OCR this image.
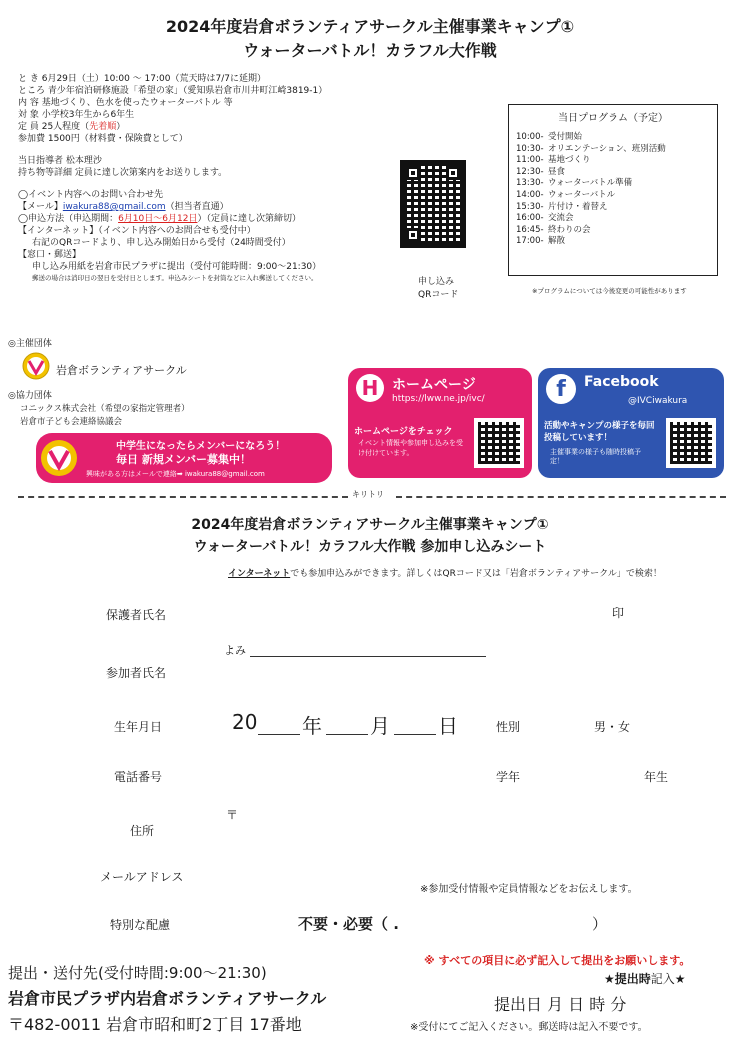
2024年度岩倉ボランティアサークル主催事業キャンプ①
ウォーターバトル！カラフル大作戦
と き 6月29日（土）10:00 ～ 17:00（荒天時は7/7に延期）
ところ 青少年宿泊研修施設「希望の家」（愛知県岩倉市川井町江崎3819-1）
内 容 基地づくり、色水を使ったウォーターバトル 等
対 象 小学校3年生から6年生
定 員 25人程度（先着順）
参加費 1500円（材料費・保険費として）
当日指導者 松本理沙
持ち物等詳細 定員に達し次第案内をお送りします。
◯イベント内容へのお問い合わせ先
【メール】iwakura88@gmail.com（担当者直通）
◯申込方法（申込期間：6月10日～6月12日）（定員に達し次第締切）
【インターネット】（イベント内容へのお問合せも受付中）
右記のQRコードより、申し込み開始日から受付（24時間受付）
【窓口・郵送】
申し込み用紙を岩倉市民プラザに提出（受付可能時間：9:00～21:30）
郵送の場合は消印日の翌日を受付日とします。申込みシートを封筒などに入れ郵送してください。	申し込み
QRコード
当日プログラム（予定）
10:00- 受付開始
10:30- オリエンテーション、班別活動
11:00- 基地づくり
12:30- 昼食
13:30- ウォーターバトル準備
14:00- ウォーターバトル
15:30- 片付け・着替え
16:00- 交流会
16:45- 終わりの会
17:00- 解散
※プログラムについては今後変更の可能性があります
◎主催団体
岩倉ボランティアサークル
◎協力団体
コニックス株式会社（希望の家指定管理者）
岩倉市子ども会連絡協議会
H ホームページ
https://lww.ne.jp/ivc/
ホームページをチェック
イベント情報や参加申し込みを受け付けています。
f	Facebook
@IVCiwakura
活動やキャンプの様子を毎回投稿しています！
主催事業の様子も随時投稿予定！
中学生になったらメンバーになろう！
毎日 新規メンバー募集中！
興味がある方はメールで連絡➡ iwakura88@gmail.com
キリトリ
2024年度岩倉ボランティアサークル主催事業キャンプ①
ウォーターバトル！カラフル大作戦 参加申し込みシート
インターネットでも参加申込みができます。詳しくはQRコード又は「岩倉ボランティアサークル」で検索！
保護者氏名	印
よみ
参加者氏名
生年月日	20 年 月 日	性別	男・女
電話番号	学年	年生
〒
住所
メールアドレス
※参加受付情報や定員情報などをお伝えします。
特別な配慮	不要・必要（ .	）
提出・送付先(受付時間:9:00～21:30)
岩倉市民プラザ内岩倉ボランティアサークル
〒482-0011 岩倉市昭和町2丁目 17番地
※ すべての項目に必ず記入して提出をお願いします。
★提出時記入★
提出日 月 日 時 分
※受付にてご記入ください。郵送時は記入不要です。
